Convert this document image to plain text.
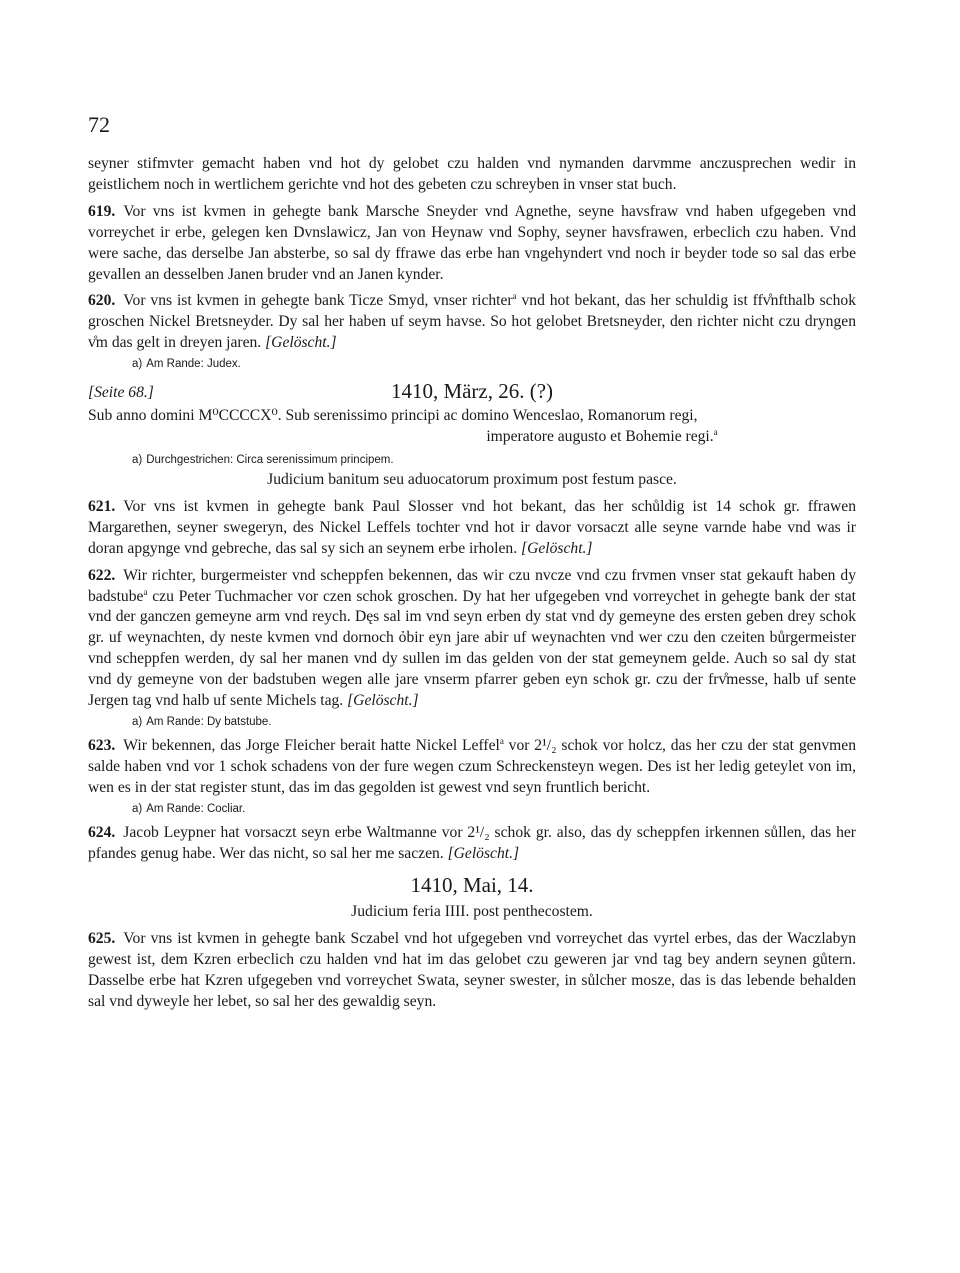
72

seyner stifmvter gemacht haben vnd hot dy gelobet czu halden vnd nymanden darvmme anczusprechen wedir in geistlichem noch in wertlichem gerichte vnd hot des gebeten czu schreyben in vnser stat buch.

619. Vor vns ist kvmen in gehegte bank Marsche Sneyder vnd Agnethe, seyne havsfraw vnd haben ufgegeben vnd vorreychet ir erbe, gelegen ken Dvnslawicz, Jan von Heynaw vnd Sophy, seyner havsfrawen, erbeclich czu haben. Vnd were sache, das derselbe Jan absterbe, so sal dy ffrawe das erbe han vngehyndert vnd noch ir beyder tode so sal das erbe gevallen an desselben Janen bruder vnd an Janen kynder.

620. Vor vns ist kvmen in gehegte bank Ticze Smyd, vnser richter$^a$ vnd hot bekant, das her schuldig ist ffv̊nfthalb schok groschen Nickel Bretsneyder. Dy sal her haben uf seym havse. So hot gelobet Bretsneyder, den richter nicht czu dryngen v̊m das gelt in dreyen jaren. [Gelöscht.]

a) Am Rande: Judex.
[Seite 68.]	1410, März, 26. (?)

Sub anno domini M⁰CCCCX⁰. Sub serenissimo principi ac domino Wenceslao, Romanorum regi,

imperatore augusto et Bohemie regi.$^a$

a) Durchgestrichen: Circa serenissimum principem.
Judicium banitum seu aduocatorum proximum post festum pasce.

621. Vor vns ist kvmen in gehegte bank Paul Slosser vnd hot bekant, das her schůldig ist 14 schok gr. ffrawen Margarethen, seyner swegeryn, des Nickel Leffels tochter vnd hot ir davor vorsaczt alle seyne varnde habe vnd was ir doran apgynge vnd gebreche, das sal sy sich an seynem erbe irholen. [Gelöscht.]

622. Wir richter, burgermeister vnd scheppfen bekennen, das wir czu nvcze vnd czu frvmen vnser stat gekauft haben dy badstube$^a$ czu Peter Tuchmacher vor czen schok groschen. Dy hat her ufgegeben vnd vorreychet in gehegte bank der stat vnd der ganczen gemeyne arm vnd reych. Dęs sal im vnd seyn erben dy stat vnd dy gemeyne des ersten geben drey schok gr. uf weynachten, dy neste kvmen vnd dornoch ỏbir eyn jare abir uf weynachten vnd wer czu den czeiten bůrgermeister vnd scheppfen werden, dy sal her manen vnd dy sullen im das gelden von der stat gemeynem gelde. Auch so sal dy stat vnd dy gemeyne von der badstuben wegen alle jare vnserm pfarrer geben eyn schok gr. czu der frv̊messe, halb uf sente Jergen tag vnd halb uf sente Michels tag. [Gelöscht.]

a) Am Rande: Dy batstube.

623. Wir bekennen, das Jorge Fleicher berait hatte Nickel Leffel$^a$ vor 2¹/₂ schok vor holcz, das her czu der stat genvmen salde haben vnd vor 1 schok schadens von der fure wegen czum Schreckensteyn wegen. Des ist her ledig geteylet von im, wen es in der stat register stunt, das im das gegolden ist gewest vnd seyn fruntlich bericht.

a) Am Rande: Cocliar.

624. Jacob Leypner hat vorsaczt seyn erbe Waltmanne vor 2¹/₂ schok gr. also, das dy scheppfen irkennen sůllen, das her pfandes genug habe. Wer das nicht, so sal her me saczen. [Gelöscht.]

1410, Mai, 14.
Judicium feria IIII. post penthecostem.

625. Vor vns ist kvmen in gehegte bank Sczabel vnd hot ufgegeben vnd vorreychet das vyrtel erbes, das der Waczlabyn gewest ist, dem Kzren erbeclich czu halden vnd hat im das gelobet czu geweren jar vnd tag bey andern seynen gůtern. Dasselbe erbe hat Kzren ufgegeben vnd vorreychet Swata, seyner swester, in sůlcher mosze, das is das lebende behalden sal vnd dyweyle her lebet, so sal her des gewaldig seyn.
